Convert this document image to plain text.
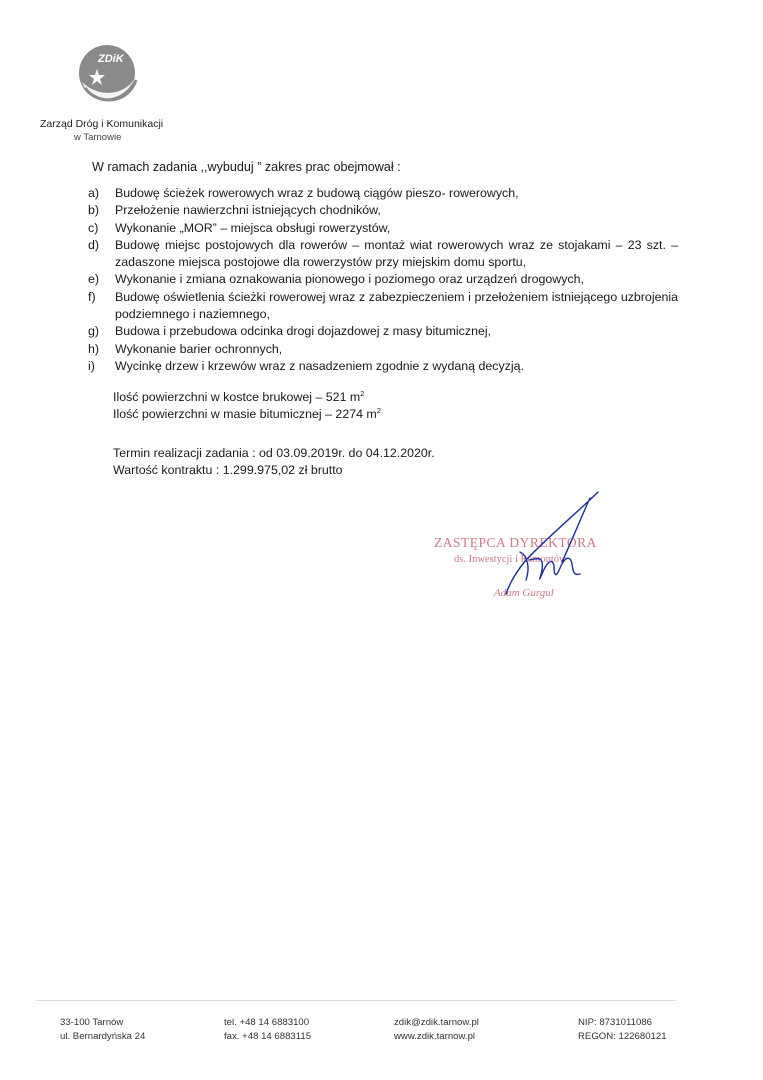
ZDiK
Zarząd Dróg i Komunikacji
w Tarnowie
W ramach zadania ,,wybuduj ” zakres prac obejmował :
a) Budowę ścieżek rowerowych wraz z budową ciągów pieszo- rowerowych,
b) Przełożenie nawierzchni istniejących chodników,
c) Wykonanie „MOR” – miejsca obsługi rowerzystów,
d) Budowę miejsc postojowych dla rowerów – montaż wiat rowerowych wraz ze stojakami – 23 szt. – zadaszone miejsca postojowe dla rowerzystów przy miejskim domu sportu,
e) Wykonanie i zmiana oznakowania pionowego i poziomego oraz urządzeń drogowych,
f) Budowę oświetlenia ścieżki rowerowej wraz z zabezpieczeniem i przełożeniem istniejącego uzbrojenia podziemnego i naziemnego,
g) Budowa i przebudowa odcinka drogi dojazdowej z masy bitumicznej,
h) Wykonanie barier ochronnych,
i) Wycinkę drzew i krzewów wraz z nasadzeniem zgodnie z wydaną decyzją.
Ilość powierzchni w kostce brukowej – 521 $m^2$
Ilość powierzchni w masie bitumicznej – 2274 $m^2$
Termin realizacji zadania : od 03.09.2019r. do 04.12.2020r.
Wartość kontraktu : 1.299.975,02 zł brutto
ZASTĘPCA DYREKTORA
ds. Inwestycji i Remontów
Adam Gurgul
33-100 Tarnów
ul. Bernardyńska 24
tel. +48 14 6883100
fax. +48 14 6883115
zdik@zdik.tarnow.pl
www.zdik.tarnow.pl
NIP: 8731011086
REGON: 122680121
